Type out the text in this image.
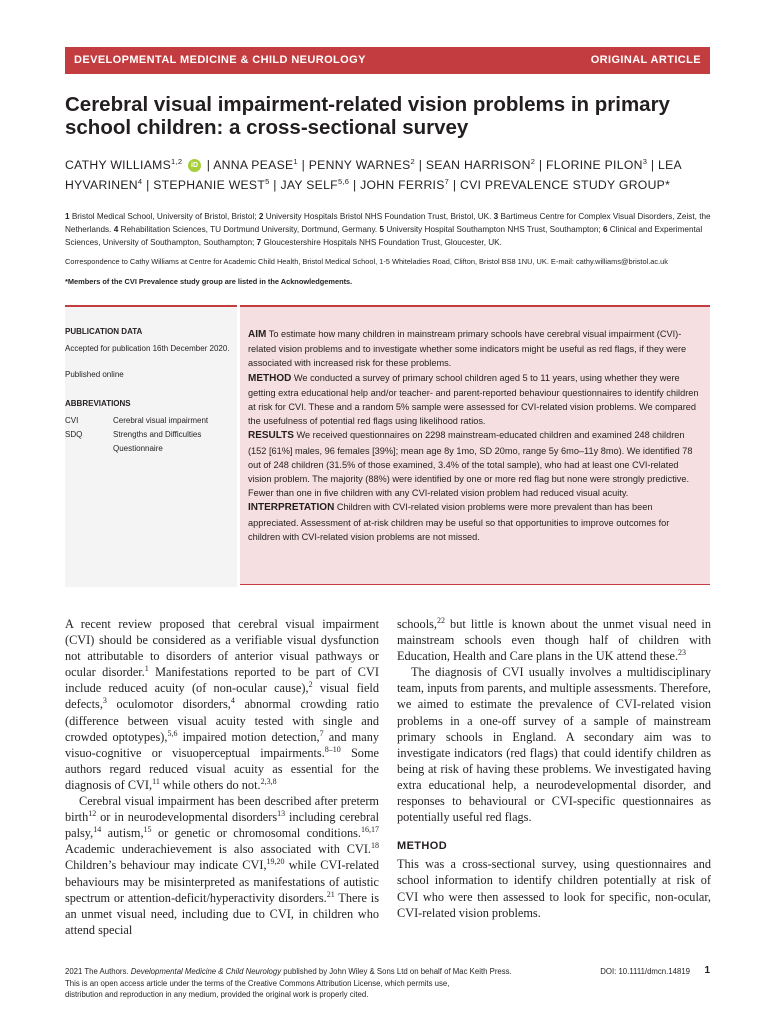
DEVELOPMENTAL MEDICINE & CHILD NEUROLOGY	ORIGINAL ARTICLE
Cerebral visual impairment-related vision problems in primary school children: a cross-sectional survey
CATHY WILLIAMS$^{1,2}$ iD | ANNA PEASE$^1$ | PENNY WARNES$^2$ | SEAN HARRISON$^2$ | FLORINE PILON$^3$ | LEA HYVARINEN$^4$ | STEPHANIE WEST$^5$ | JAY SELF$^{5,6}$ | JOHN FERRIS$^7$ | CVI PREVALENCE STUDY GROUP*
1 Bristol Medical School, University of Bristol, Bristol; 2 University Hospitals Bristol NHS Foundation Trust, Bristol, UK. 3 Bartimeus Centre for Complex Visual Disorders, Zeist, the Netherlands. 4 Rehabilitation Sciences, TU Dortmund University, Dortmund, Germany. 5 University Hospital Southampton NHS Trust, Southampton; 6 Clinical and Experimental Sciences, University of Southampton, Southampton; 7 Gloucestershire Hospitals NHS Foundation Trust, Gloucester, UK.
Correspondence to Cathy Williams at Centre for Academic Child Health, Bristol Medical School, 1-5 Whiteladies Road, Clifton, Bristol BS8 1NU, UK. E-mail: cathy.williams@bristol.ac.uk
*Members of the CVI Prevalence study group are listed in the Acknowledgements.
PUBLICATION DATA
Accepted for publication 16th December 2020.
Published online
ABBREVIATIONS
CVI	Cerebral visual impairment
SDQ	Strengths and Difficulties Questionnaire
AIM To estimate how many children in mainstream primary schools have cerebral visual impairment (CVI)-related vision problems and to investigate whether some indicators might be useful as red flags, if they were associated with increased risk for these problems.
METHOD We conducted a survey of primary school children aged 5 to 11 years, using whether they were getting extra educational help and/or teacher- and parent-reported behaviour questionnaires to identify children at risk for CVI. These and a random 5% sample were assessed for CVI-related vision problems. We compared the usefulness of potential red flags using likelihood ratios.
RESULTS We received questionnaires on 2298 mainstream-educated children and examined 248 children (152 [61%] males, 96 females [39%]; mean age 8y 1mo, SD 20mo, range 5y 6mo–11y 8mo). We identified 78 out of 248 children (31.5% of those examined, 3.4% of the total sample), who had at least one CVI-related vision problem. The majority (88%) were identified by one or more red flag but none were strongly predictive. Fewer than one in five children with any CVI-related vision problem had reduced visual acuity.
INTERPRETATION Children with CVI-related vision problems were more prevalent than has been appreciated. Assessment of at-risk children may be useful so that opportunities to improve outcomes for children with CVI-related vision problems are not missed.

A recent review proposed that cerebral visual impairment (CVI) should be considered as a verifiable visual dysfunction not attributable to disorders of anterior visual pathways or ocular disorder.$^1$ Manifestations reported to be part of CVI include reduced acuity (of non-ocular cause),$^2$ visual field defects,$^3$ oculomotor disorders,$^4$ abnormal crowding ratio (difference between visual acuity tested with single and crowded optotypes),$^{5,6}$ impaired motion detection,$^7$ and many visuo-cognitive or visuoperceptual impairments.$^{8-10}$ Some authors regard reduced visual acuity as essential for the diagnosis of CVI,$^{11}$ while others do not.$^{2,3,8}$

Cerebral visual impairment has been described after preterm birth$^{12}$ or in neurodevelopmental disorders$^{13}$ including cerebral palsy,$^{14}$ autism,$^{15}$ or genetic or chromosomal conditions.$^{16,17}$ Academic underachievement is also associated with CVI.$^{18}$ Children’s behaviour may indicate CVI,$^{19,20}$ while CVI-related behaviours may be misinterpreted as manifestations of autistic spectrum or attention-deficit/hyperactivity disorders.$^{21}$ There is an unmet visual need, including due to CVI, in children who attend special

schools,$^{22}$ but little is known about the unmet visual need in mainstream schools even though half of children with Education, Health and Care plans in the UK attend these.$^{23}$

The diagnosis of CVI usually involves a multidisciplinary team, inputs from parents, and multiple assessments. Therefore, we aimed to estimate the prevalence of CVI-related vision problems in a one-off survey of a sample of mainstream primary schools in England. A secondary aim was to investigate indicators (red flags) that could identify children as being at risk of having these problems. We investigated having extra educational help, a neurodevelopmental disorder, and responses to behavioural or CVI-specific questionnaires as potentially useful red flags.

METHOD

This was a cross-sectional survey, using questionnaires and school information to identify children potentially at risk of CVI who were then assessed to look for specific, non-ocular, CVI-related vision problems.

2021 The Authors. Developmental Medicine & Child Neurology published by John Wiley & Sons Ltd on behalf of Mac Keith Press.
This is an open access article under the terms of the Creative Commons Attribution License, which permits use,
distribution and reproduction in any medium, provided the original work is properly cited.
DOI: 10.1111/dmcn.14819 1
